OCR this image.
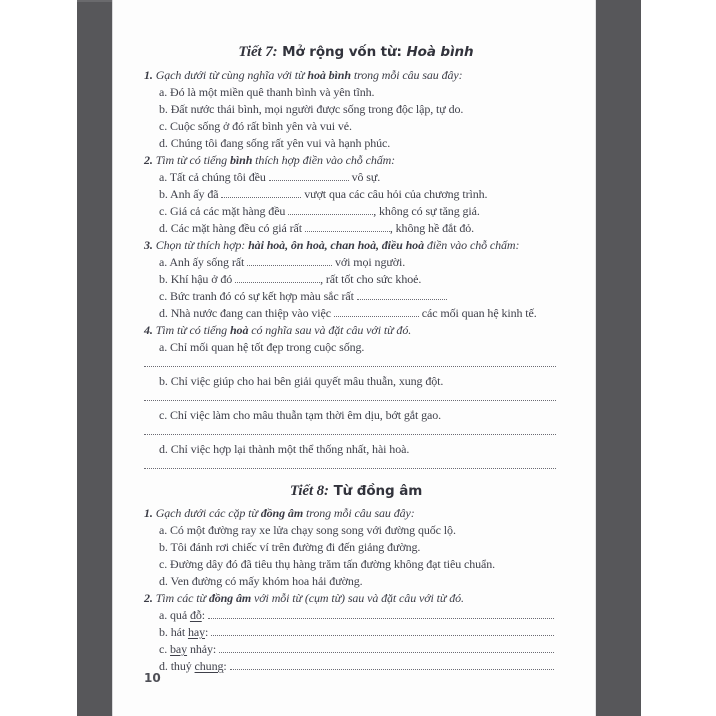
Tiết 7: Mở rộng vốn từ: Hoà bình
1. Gạch dưới từ cùng nghĩa với từ hoà bình trong mỗi câu sau đây:
a. Đó là một miền quê thanh bình và yên tĩnh.
b. Đất nước thái bình, mọi người được sống trong độc lập, tự do.
c. Cuộc sống ở đó rất bình yên và vui vẻ.
d. Chúng tôi đang sống rất yên vui và hạnh phúc.
2. Tìm từ có tiếng bình thích hợp điền vào chỗ chấm:
a. Tất cả chúng tôi đều	vô sự.
b. Anh ấy đã	vượt qua các câu hỏi của chương trình.
c. Giá cả các mặt hàng đều	, không có sự tăng giá.
d. Các mặt hàng đều có giá rất	, không hề đắt đỏ.
3. Chọn từ thích hợp: hài hoà, ôn hoà, chan hoà, điều hoà điền vào chỗ chấm:
a. Anh ấy sống rất	với mọi người.
b. Khí hậu ở đó	, rất tốt cho sức khoẻ.
c. Bức tranh đó có sự kết hợp màu sắc rất
d. Nhà nước đang can thiệp vào việc	các mối quan hệ kinh tế.
4. Tìm từ có tiếng hoà có nghĩa sau và đặt câu với từ đó.
a. Chỉ mối quan hệ tốt đẹp trong cuộc sống.
b. Chỉ việc giúp cho hai bên giải quyết mâu thuẫn, xung đột.
c. Chỉ việc làm cho mâu thuẫn tạm thời êm dịu, bớt gắt gao.
d. Chỉ việc hợp lại thành một thể thống nhất, hài hoà.
Tiết 8: Từ đồng âm
1. Gạch dưới các cặp từ đồng âm trong mỗi câu sau đây:
a. Có một đường ray xe lửa chạy song song với đường quốc lộ.
b. Tôi đánh rơi chiếc ví trên đường đi đến giảng đường.
c. Đường dây đó đã tiêu thụ hàng trăm tấn đường không đạt tiêu chuẩn.
d. Ven đường có mấy khóm hoa hải đường.
2. Tìm các từ đồng âm với mỗi từ (cụm từ) sau và đặt câu với từ đó.
a. quả đỗ :
b. hát hay :
c. bay nhảy:
d. thuỷ chung :
10
